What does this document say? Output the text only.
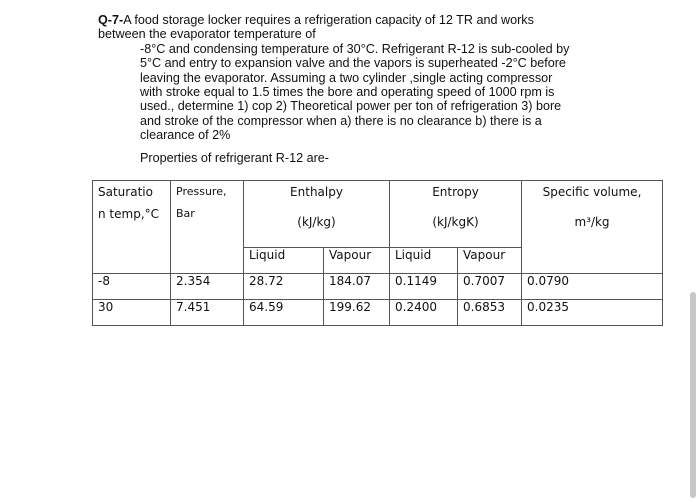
Q-7-A food storage locker requires a refrigeration capacity of 12 TR and works
between the evaporator temperature of
-8°C and condensing temperature of 30°C. Refrigerant R-12 is sub-cooled by
5°C and entry to expansion valve and the vapors is superheated -2°C before
leaving the evaporator. Assuming a two cylinder ,single acting compressor
with stroke equal to 1.5 times the bore and operating speed of 1000 rpm is
used., determine 1) cop 2) Theoretical power per ton of refrigeration 3) bore
and stroke of the compressor when a) there is no clearance b) there is a
clearance of 2%
Properties of refrigerant R-12 are-
Saturatio
n temp,°C	Pressure,
Bar	Enthalpy
(kJ/kg)		Entropy
(kJ/kgK)		Specific volume,
m³/kg

		Liquid	Vapour	Liquid	Vapour	
-8	2.354	28.72	184.07	0.1149	0.7007	0.0790
30	7.451	64.59	199.62	0.2400	0.6853	0.0235
